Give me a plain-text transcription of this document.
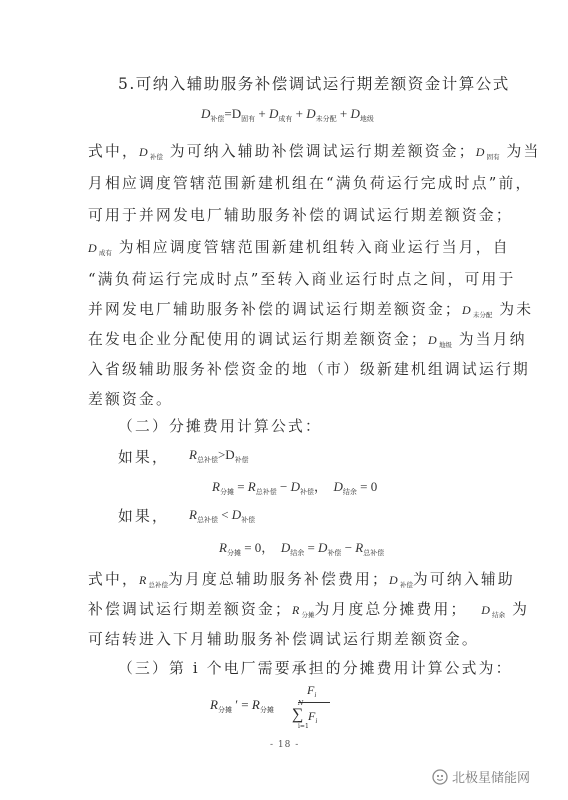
5.可纳入辅助服务补偿调试运行期差额资金计算公式
$D_{补偿}=D_{固有} + D_{成有} + D_{未分配} + D_{地级}$
式中，$D_{补偿}$ 为可纳入辅助补偿调试运行期差额资金；$D_{固有}$ 为当
月相应调度管辖范围新建机组在“满负荷运行完成时点”前，
可用于并网发电厂辅助服务补偿的调试运行期差额资金；
$D_{成有}$ 为相应调度管辖范围新建机组转入商业运行当月，自
“满负荷运行完成时点”至转入商业运行时点之间，可用于
并网发电厂辅助服务补偿的调试运行期差额资金；$D_{未分配}$ 为未
在发电企业分配使用的调试运行期差额资金；$D_{地级}$ 为当月纳
入省级辅助服务补偿资金的地（市）级新建机组调试运行期
差额资金。
（二）分摊费用计算公式：
如果，	$R_{总补偿}>D_{补偿}$
$R_{分摊} = R_{总补偿} - D_{补偿}$， $D_{结余} = 0$
如果，	$R_{总补偿} < D_{补偿}$
$R_{分摊} = 0$， $D_{结余} = D_{补偿} - R_{总补偿}$
式中，$R_{总补偿}$为月度总辅助服务补偿费用；$D_{补偿}$为可纳入辅助
补偿调试运行期差额资金；$R_{分摊}$为月度总分摊费用； $D_{结余}$ 为
可结转进入下月辅助服务补偿调试运行期差额资金。
（三）第 i 个电厂需要承担的分摊费用计算公式为：
$R_{分摊}$ ′ = $R_{分摊}$
$F_i$
N
∑ $F_i$
i=1
- 18 -
北极星储能网
